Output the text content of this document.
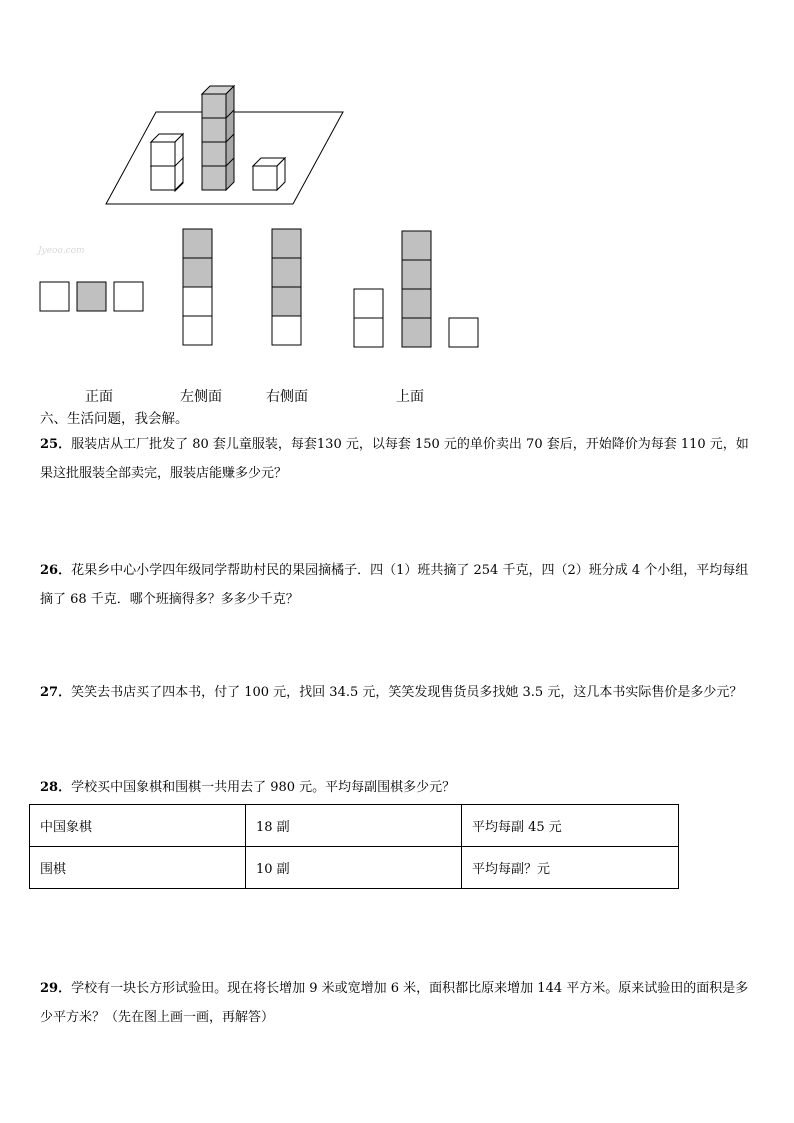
Jyeoo.com
正面	左侧面	右侧面	上面
六、生活问题，我会解。
25．服装店从工厂批发了 80 套儿童服装，每套130 元，以每套 150 元的单价卖出 70 套后，开始降价为每套 110 元，如果这批服装全部卖完，服装店能赚多少元？
26．花果乡中心小学四年级同学帮助村民的果园摘橘子．四（1）班共摘了 254 千克，四（2）班分成 4 个小组，平均每组摘了 68 千克．哪个班摘得多？多多少千克？
27．笑笑去书店买了四本书，付了 100 元，找回 34.5 元，笑笑发现售货员多找她 3.5 元，这几本书实际售价是多少元？
28．学校买中国象棋和围棋一共用去了 980 元。平均每副围棋多少元？
中国象棋	18 副	平均每副 45 元
围棋	10 副	平均每副？元
29．学校有一块长方形试验田。现在将长增加 9 米或宽增加 6 米，面积都比原来增加 144 平方米。原来试验田的面积是多少平方米？（先在图上画一画，再解答）
